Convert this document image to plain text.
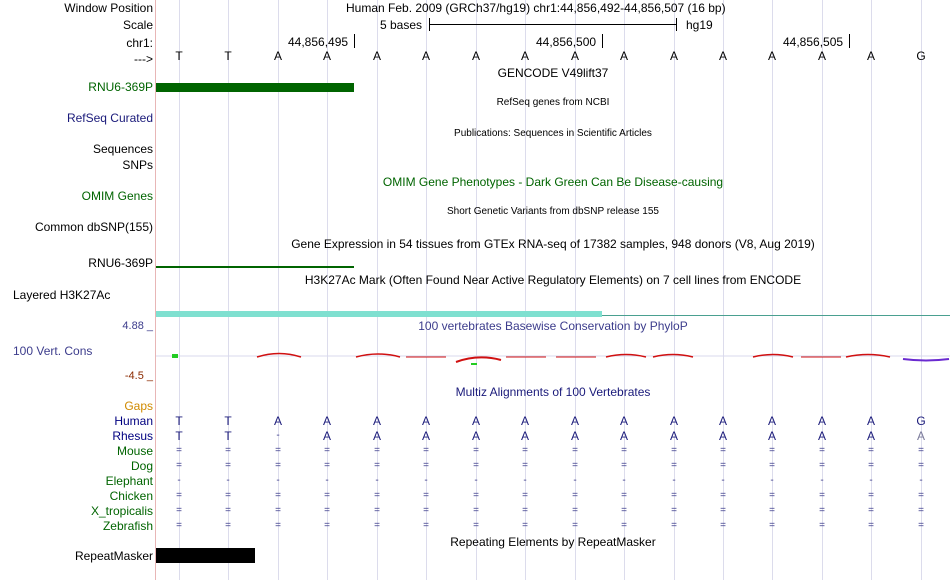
Window Position
Scale
chr1:
--->
RNU6-369P
RefSeq Curated
Sequences
SNPs
OMIM Genes
Common dbSNP(155)
RNU6-369P
Layered H3K27Ac
4.88 _
100 Vert. Cons
-4.5 _
Gaps
Human
Rhesus
Mouse
Dog
Elephant
Chicken
X_tropicalis
Zebrafish
RepeatMasker
Human Feb. 2009 (GRCh37/hg19) chr1:44,856,492-44,856,507 (16 bp)
5 bases	hg19
44,856,495	44,856,500	44,856,505
T	T	A	A	A	A	A	A	A	A	A	A	A	A	A	G
GENCODE V49lift37
RefSeq genes from NCBI
Publications: Sequences in Scientific Articles
OMIM Gene Phenotypes - Dark Green Can Be Disease-causing
Short Genetic Variants from dbSNP release 155
Gene Expression in 54 tissues from GTEx RNA-seq of 17382 samples, 948 donors (V8, Aug 2019)
H3K27Ac Mark (Often Found Near Active Regulatory Elements) on 7 cell lines from ENCODE
100 vertebrates Basewise Conservation by PhyloP
Multiz Alignments of 100 Vertebrates
T	T	A	A	A	A	A	A	A	A	A	A	A	A	A	G
T	T	-	A	A	A	A	A	A	A	A	A	A	A	A	A
=	=	=	=	=	=	=	=	=	=	=	=	=	=	=	=
=	=	=	=	=	=	=	=	=	=	=	=	=	=	=	=
-	-	-	-	-	-	-	-	-	-	-	-	-	-	-	-
=	=	=	=	=	=	=	=	=	=	=	=	=	=	=	=
=	=	=	=	=	=	=	=	=	=	=	=	=	=	=	=
=	=	=	=	=	=	=	=	=	=	=	=	=	=	=	=
Repeating Elements by RepeatMasker
